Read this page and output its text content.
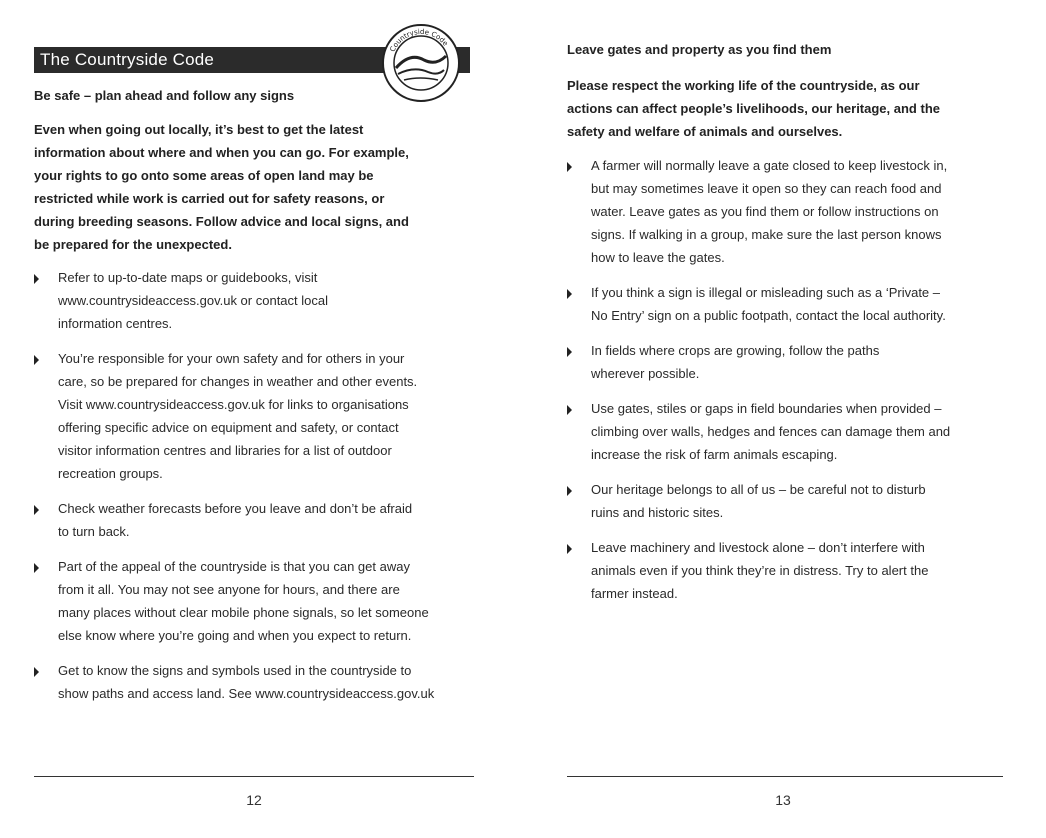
The Countryside Code
Countryside Code
Be safe – plan ahead and follow any signs
Even when going out locally, it’s best to get the latest
information about where and when you can go. For example,
your rights to go onto some areas of open land may be
restricted while work is carried out for safety reasons, or
during breeding seasons. Follow advice and local signs, and
be prepared for the unexpected.
Refer to up-to-date maps or guidebooks, visit
www.countrysideaccess.gov.uk or contact local
information centres.
You’re responsible for your own safety and for others in your
care, so be prepared for changes in weather and other events.
Visit www.countrysideaccess.gov.uk for links to organisations
offering specific advice on equipment and safety, or contact
visitor information centres and libraries for a list of outdoor
recreation groups.
Check weather forecasts before you leave and don’t be afraid
to turn back.
Part of the appeal of the countryside is that you can get away
from it all. You may not see anyone for hours, and there are
many places without clear mobile phone signals, so let someone
else know where you’re going and when you expect to return.
Get to know the signs and symbols used in the countryside to
show paths and access land. See www.countrysideaccess.gov.uk
12
Leave gates and property as you find them
Please respect the working life of the countryside, as our
actions can affect people’s livelihoods, our heritage, and the
safety and welfare of animals and ourselves.
A farmer will normally leave a gate closed to keep livestock in,
but may sometimes leave it open so they can reach food and
water. Leave gates as you find them or follow instructions on
signs. If walking in a group, make sure the last person knows
how to leave the gates.
If you think a sign is illegal or misleading such as a ‘Private –
No Entry’ sign on a public footpath, contact the local authority.
In fields where crops are growing, follow the paths
wherever possible.
Use gates, stiles or gaps in field boundaries when provided –
climbing over walls, hedges and fences can damage them and
increase the risk of farm animals escaping.
Our heritage belongs to all of us – be careful not to disturb
ruins and historic sites.
Leave machinery and livestock alone – don’t interfere with
animals even if you think they’re in distress. Try to alert the
farmer instead.
13
